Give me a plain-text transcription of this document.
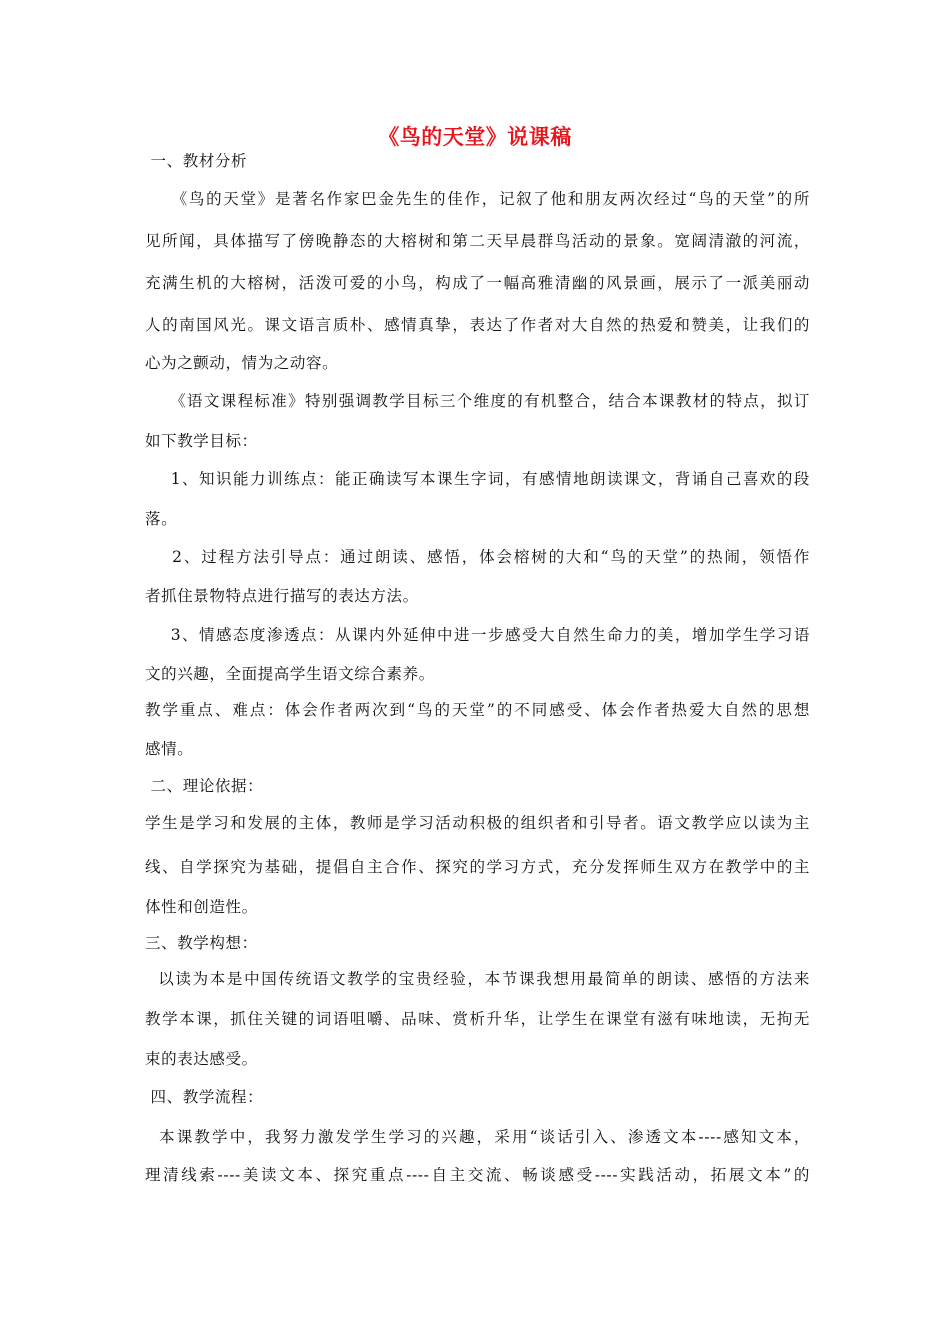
《鸟的天堂》说课稿
一、教材分析
《鸟的天堂》是著名作家巴金先生的佳作，记叙了他和朋友两次经过“鸟的天堂”的所
见所闻，具体描写了傍晚静态的大榕树和第二天早晨群鸟活动的景象。宽阔清澈的河流，
充满生机的大榕树，活泼可爱的小鸟，构成了一幅高雅清幽的风景画，展示了一派美丽动
人的南国风光。课文语言质朴、感情真挚，表达了作者对大自然的热爱和赞美，让我们的
心为之颤动，情为之动容。
《语文课程标准》特别强调教学目标三个维度的有机整合，结合本课教材的特点，拟订
如下教学目标：
1、知识能力训练点：能正确读写本课生字词，有感情地朗读课文，背诵自己喜欢的段
落。
2、过程方法引导点：通过朗读、感悟，体会榕树的大和“鸟的天堂”的热闹，领悟作
者抓住景物特点进行描写的表达方法。
3、情感态度渗透点：从课内外延伸中进一步感受大自然生命力的美，增加学生学习语
文的兴趣，全面提高学生语文综合素养。
教学重点、难点：体会作者两次到“鸟的天堂”的不同感受、体会作者热爱大自然的思想
感情。
二、理论依据：
学生是学习和发展的主体，教师是学习活动积极的组织者和引导者。语文教学应以读为主
线、自学探究为基础，提倡自主合作、探究的学习方式，充分发挥师生双方在教学中的主
体性和创造性。
三、教学构想：
以读为本是中国传统语文教学的宝贵经验，本节课我想用最简单的朗读、感悟的方法来
教学本课，抓住关键的词语咀嚼、品味、赏析升华，让学生在课堂有滋有味地读，无拘无
束的表达感受。
四、教学流程：
本课教学中，我努力激发学生学习的兴趣，采用“谈话引入、渗透文本----感知文本，
理清线索----美读文本、探究重点----自主交流、畅谈感受----实践活动，拓展文本”的
